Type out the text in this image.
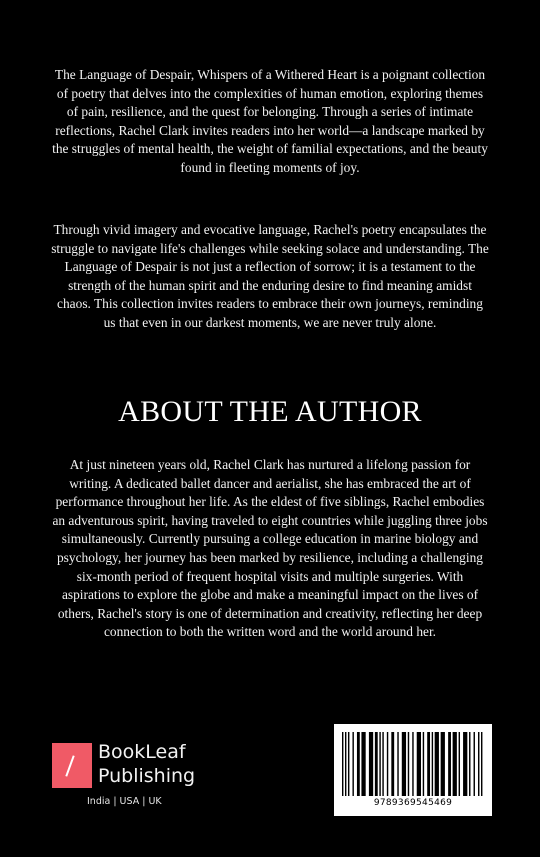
The Language of Despair, Whispers of a Withered Heart is a poignant collection of poetry that delves into the complexities of human emotion, exploring themes of pain, resilience, and the quest for belonging. Through a series of intimate reflections, Rachel Clark invites readers into her world—a landscape marked by the struggles of mental health, the weight of familial expectations, and the beauty found in fleeting moments of joy.

Through vivid imagery and evocative language, Rachel's poetry encapsulates the struggle to navigate life's challenges while seeking solace and understanding. The Language of Despair is not just a reflection of sorrow; it is a testament to the strength of the human spirit and the enduring desire to find meaning amidst chaos. This collection invites readers to embrace their own journeys, reminding us that even in our darkest moments, we are never truly alone.

ABOUT THE AUTHOR

At just nineteen years old, Rachel Clark has nurtured a lifelong passion for writing. A dedicated ballet dancer and aerialist, she has embraced the art of performance throughout her life. As the eldest of five siblings, Rachel embodies an adventurous spirit, having traveled to eight countries while juggling three jobs simultaneously. Currently pursuing a college education in marine biology and psychology, her journey has been marked by resilience, including a challenging six-month period of frequent hospital visits and multiple surgeries. With aspirations to explore the globe and make a meaningful impact on the lives of others, Rachel's story is one of determination and creativity, reflecting her deep connection to both the written word and the world around her.

BookLeaf
Publishing
India | USA | UK	9789369545469
